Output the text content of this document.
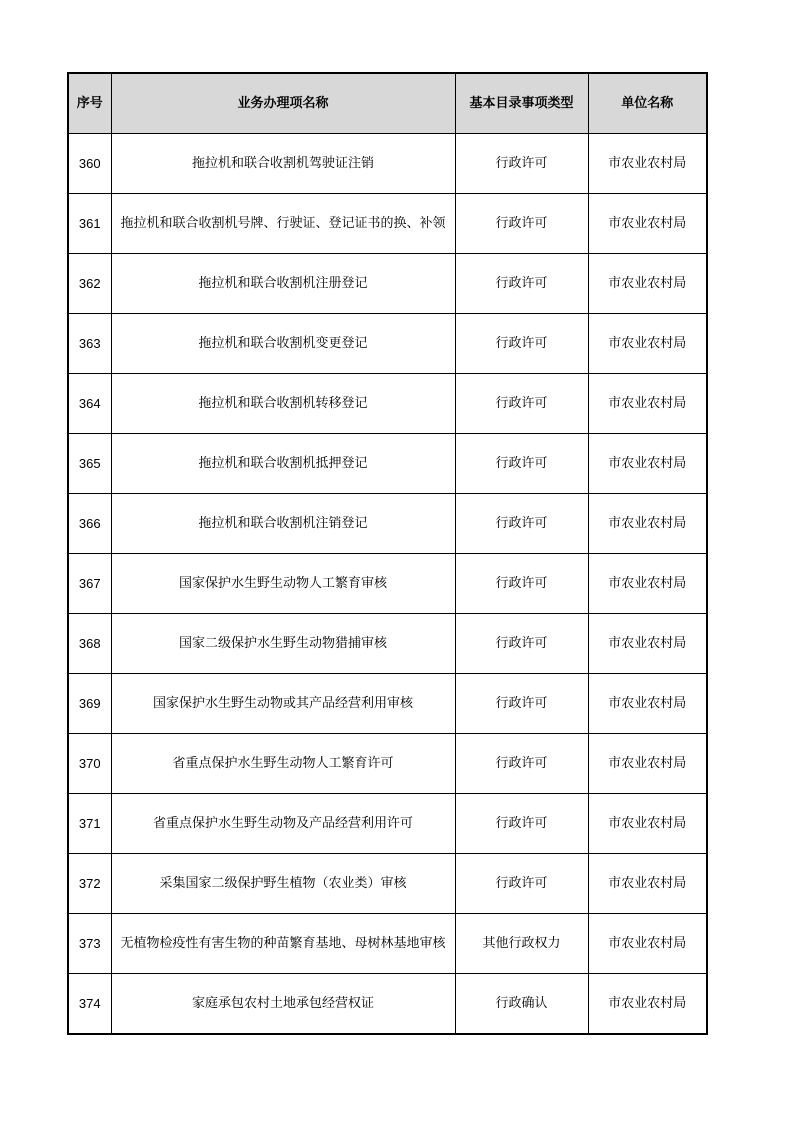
序号	业务办理项名称	基本目录事项类型	单位名称
360	拖拉机和联合收割机驾驶证注销	行政许可	市农业农村局
361	拖拉机和联合收割机号牌、行驶证、登记证书的换、补领	行政许可	市农业农村局
362	拖拉机和联合收割机注册登记	行政许可	市农业农村局
363	拖拉机和联合收割机变更登记	行政许可	市农业农村局
364	拖拉机和联合收割机转移登记	行政许可	市农业农村局
365	拖拉机和联合收割机抵押登记	行政许可	市农业农村局
366	拖拉机和联合收割机注销登记	行政许可	市农业农村局
367	国家保护水生野生动物人工繁育审核	行政许可	市农业农村局
368	国家二级保护水生野生动物猎捕审核	行政许可	市农业农村局
369	国家保护水生野生动物或其产品经营利用审核	行政许可	市农业农村局
370	省重点保护水生野生动物人工繁育许可	行政许可	市农业农村局
371	省重点保护水生野生动物及产品经营利用许可	行政许可	市农业农村局
372	采集国家二级保护野生植物（农业类）审核	行政许可	市农业农村局
373	无植物检疫性有害生物的种苗繁育基地、母树林基地审核	其他行政权力	市农业农村局
374	家庭承包农村土地承包经营权证	行政确认	市农业农村局
